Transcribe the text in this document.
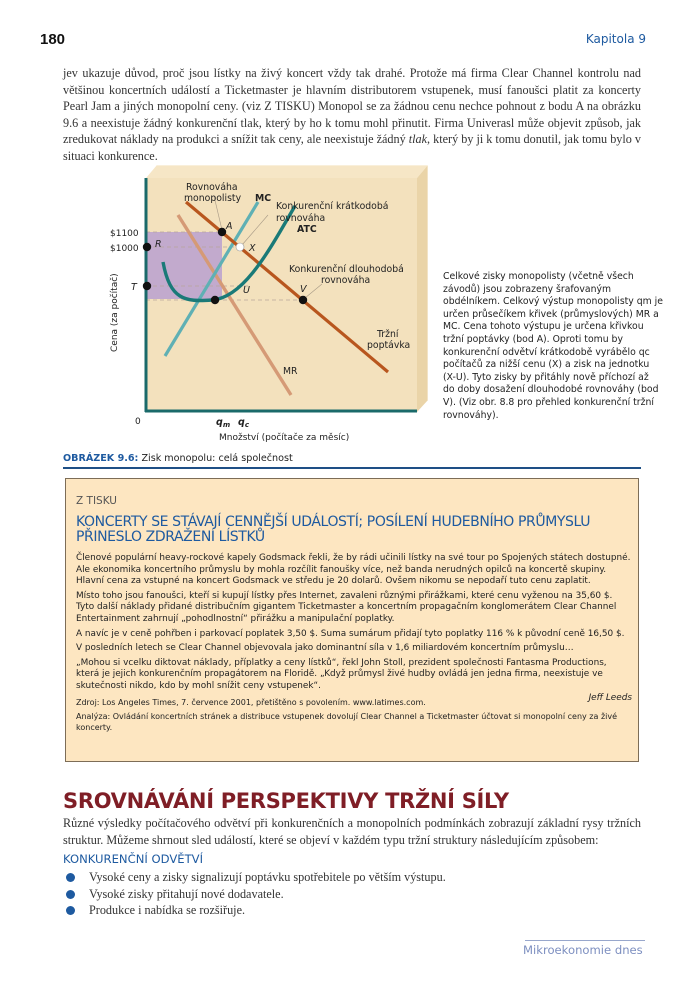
180	Kapitola 9

jev ukazuje důvod, proč jsou lístky na živý koncert vždy tak drahé. Protože má firma Clear Channel kontrolu nad většinou koncertních událostí a Ticketmaster je hlavním distributorem vstupenek, musí fanoušci platit za koncerty Pearl Jam a jiných monopolní ceny. (viz Z TISKU) Monopol se za žádnou cenu nechce pohnout z bodu A na obrázku 9.6 a neexistuje žádný konkurenční tlak, který by ho k tomu mohl přinutit. Firma Univerasl může objevit způsob, jak zredukovat náklady na produkci a snížit tak ceny, ale neexistuje žádný tlak, který by ji k tomu donutil, jak tomu bylo v situaci konkurence.

Rovnováha
monopolisty MC
Konkurenční krátkodobá
rovnováha
ATC
Konkurenční dlouhodobá
rovnováha
Tržní
poptávka
MR
$1100
$1000
T
A
X
R
U	V
0	$q_m$ $q_c$
Množství (počítače za měsíc)
Cena (za počítač)	Celkové zisky monopolisty (včetně všech závodů) jsou zobrazeny šrafovaným obdélníkem. Celkový výstup monopolisty qm je určen průsečíkem křivek (průmyslových) MR a MC. Cena tohoto výstupu je určena křivkou tržní poptávky (bod A). Oproti tomu by konkurenční odvětví krátkodobě vyrábělo qc počítačů za nižší cenu (X) a zisk na jednotku (X-U). Tyto zisky by přitáhly nově příchozí až do doby dosažení dlouhodobé rovnováhy (bod V). (Viz obr. 8.8 pro přehled konkurenční tržní rovnováhy).
OBRÁZEK 9.6: Zisk monopolu: celá společnost
Z TISKU
KONCERTY SE STÁVAJÍ CENNĚJŠÍ UDÁLOSTÍ; POSÍLENÍ HUDEBNÍHO PRŮMYSLU PŘINESLO ZDRAŽENÍ LÍSTKŮ

Členové populární heavy-rockové kapely Godsmack řekli, že by rádi učinili lístky na své tour po Spojených státech dostupné. Ale ekonomika koncertního průmyslu by mohla rozčílit fanoušky více, než banda nerudných opilců na koncertě skupiny. Hlavní cena za vstupné na koncert Godsmack ve středu je 20 dolarů. Ovšem nikomu se nepodaří tuto cenu zaplatit.

Místo toho jsou fanoušci, kteří si kupují lístky přes Internet, zavaleni různými přirážkami, které cenu vyženou na 35,60 $. Tyto další náklady přidané distribučním gigantem Ticketmaster a koncertním propagačním konglomerátem Clear Channel Entertainment zahrnují „pohodlnostní“ přirážku a manipulační poplatky.

A navíc je v ceně pohřben i parkovací poplatek 3,50 $. Suma sumárum přidají tyto poplatky 116 % k původní ceně 16,50 $.

V posledních letech se Clear Channel objevovala jako dominantní síla v 1,6 miliardovém koncertním průmyslu…

„Mohou si vcelku diktovat náklady, příplatky a ceny lístků“, řekl John Stoll, prezident společnosti Fantasma Productions, která je jejich konkurenčním propagátorem na Floridě. „Když průmysl živé hudby ovládá jen jedna firma, neexistuje ve skutečnosti nikdo, kdo by mohl snížit ceny vstupenek“.

Jeff Leeds

Zdroj: Los Angeles Times, 7. července 2001, přetištěno s povolením. www.latimes.com.

Analýza: Ovládání koncertních stránek a distribuce vstupenek dovolují Clear Channel a Ticketmaster účtovat si monopolní ceny za živé koncerty.

SROVNÁVÁNÍ PERSPEKTIVY TRŽNÍ SÍLY
Různé výsledky počítačového odvětví při konkurenčních a monopolních podmínkách zobrazují základní rysy tržních struktur. Můžeme shrnout sled událostí, které se objeví v každém typu tržní struktury následujícím způsobem:
KONKURENČNÍ ODVĚTVÍ
Vysoké ceny a zisky signalizují poptávku spotřebitele po větším výstupu.
Vysoké zisky přitahují nové dodavatele.
Produkce i nabídka se rozšiřuje.
Mikroekonomie dnes
